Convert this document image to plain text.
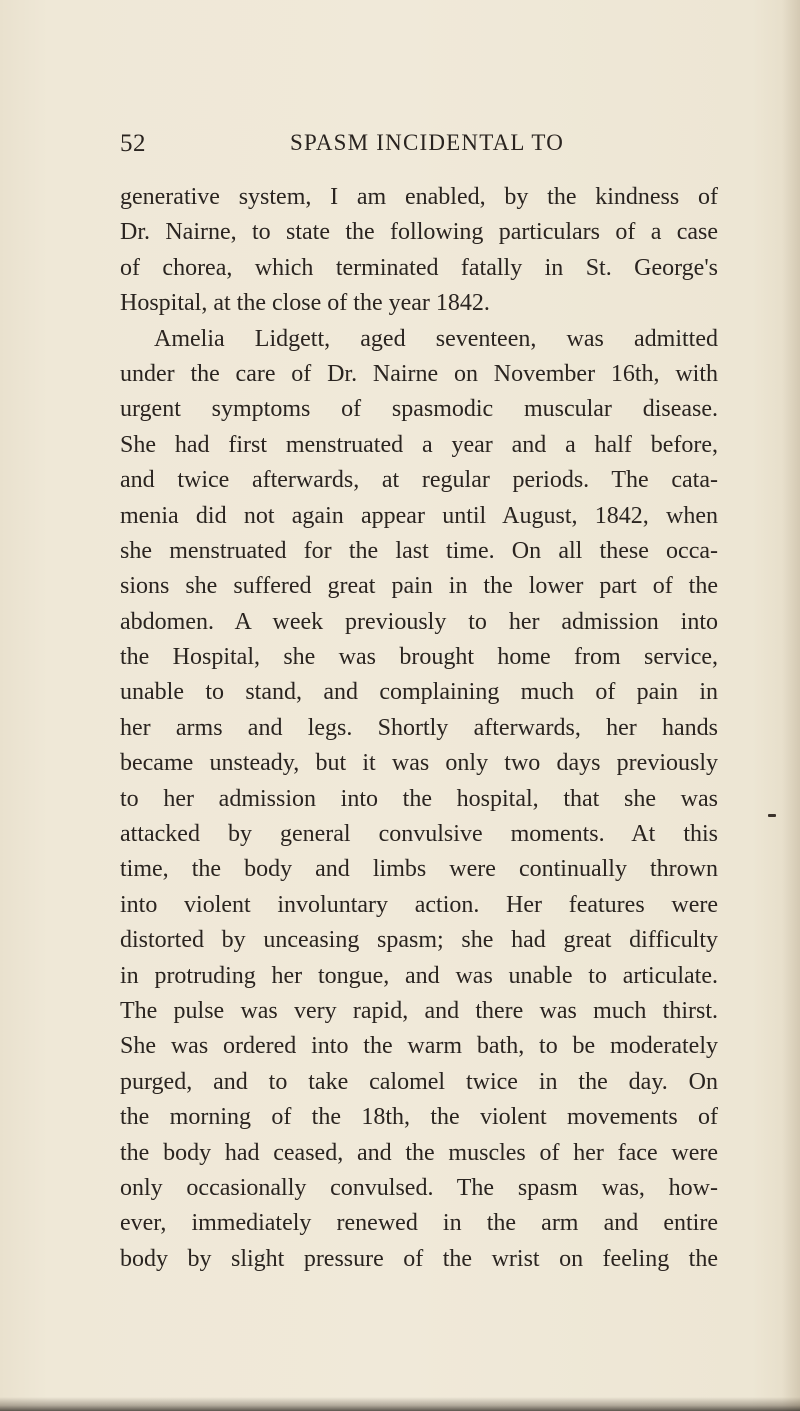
52	SPASM INCIDENTAL TO
generative system, I am enabled, by the kindness of
Dr. Nairne, to state the following particulars of a case
of chorea, which terminated fatally in St. George's
Hospital, at the close of the year 1842.
Amelia Lidgett, aged seventeen, was admitted
under the care of Dr. Nairne on November 16th, with
urgent symptoms of spasmodic muscular disease.
She had first menstruated a year and a half before,
and twice afterwards, at regular periods. The cata-
menia did not again appear until August, 1842, when
she menstruated for the last time. On all these occa-
sions she suffered great pain in the lower part of the
abdomen. A week previously to her admission into
the Hospital, she was brought home from service,
unable to stand, and complaining much of pain in
her arms and legs. Shortly afterwards, her hands
became unsteady, but it was only two days previously
to her admission into the hospital, that she was
attacked by general convulsive moments. At this
time, the body and limbs were continually thrown
into violent involuntary action. Her features were
distorted by unceasing spasm; she had great difficulty
in protruding her tongue, and was unable to articulate.
The pulse was very rapid, and there was much thirst.
She was ordered into the warm bath, to be moderately
purged, and to take calomel twice in the day. On
the morning of the 18th, the violent movements of
the body had ceased, and the muscles of her face were
only occasionally convulsed. The spasm was, how-
ever, immediately renewed in the arm and entire
body by slight pressure of the wrist on feeling the
